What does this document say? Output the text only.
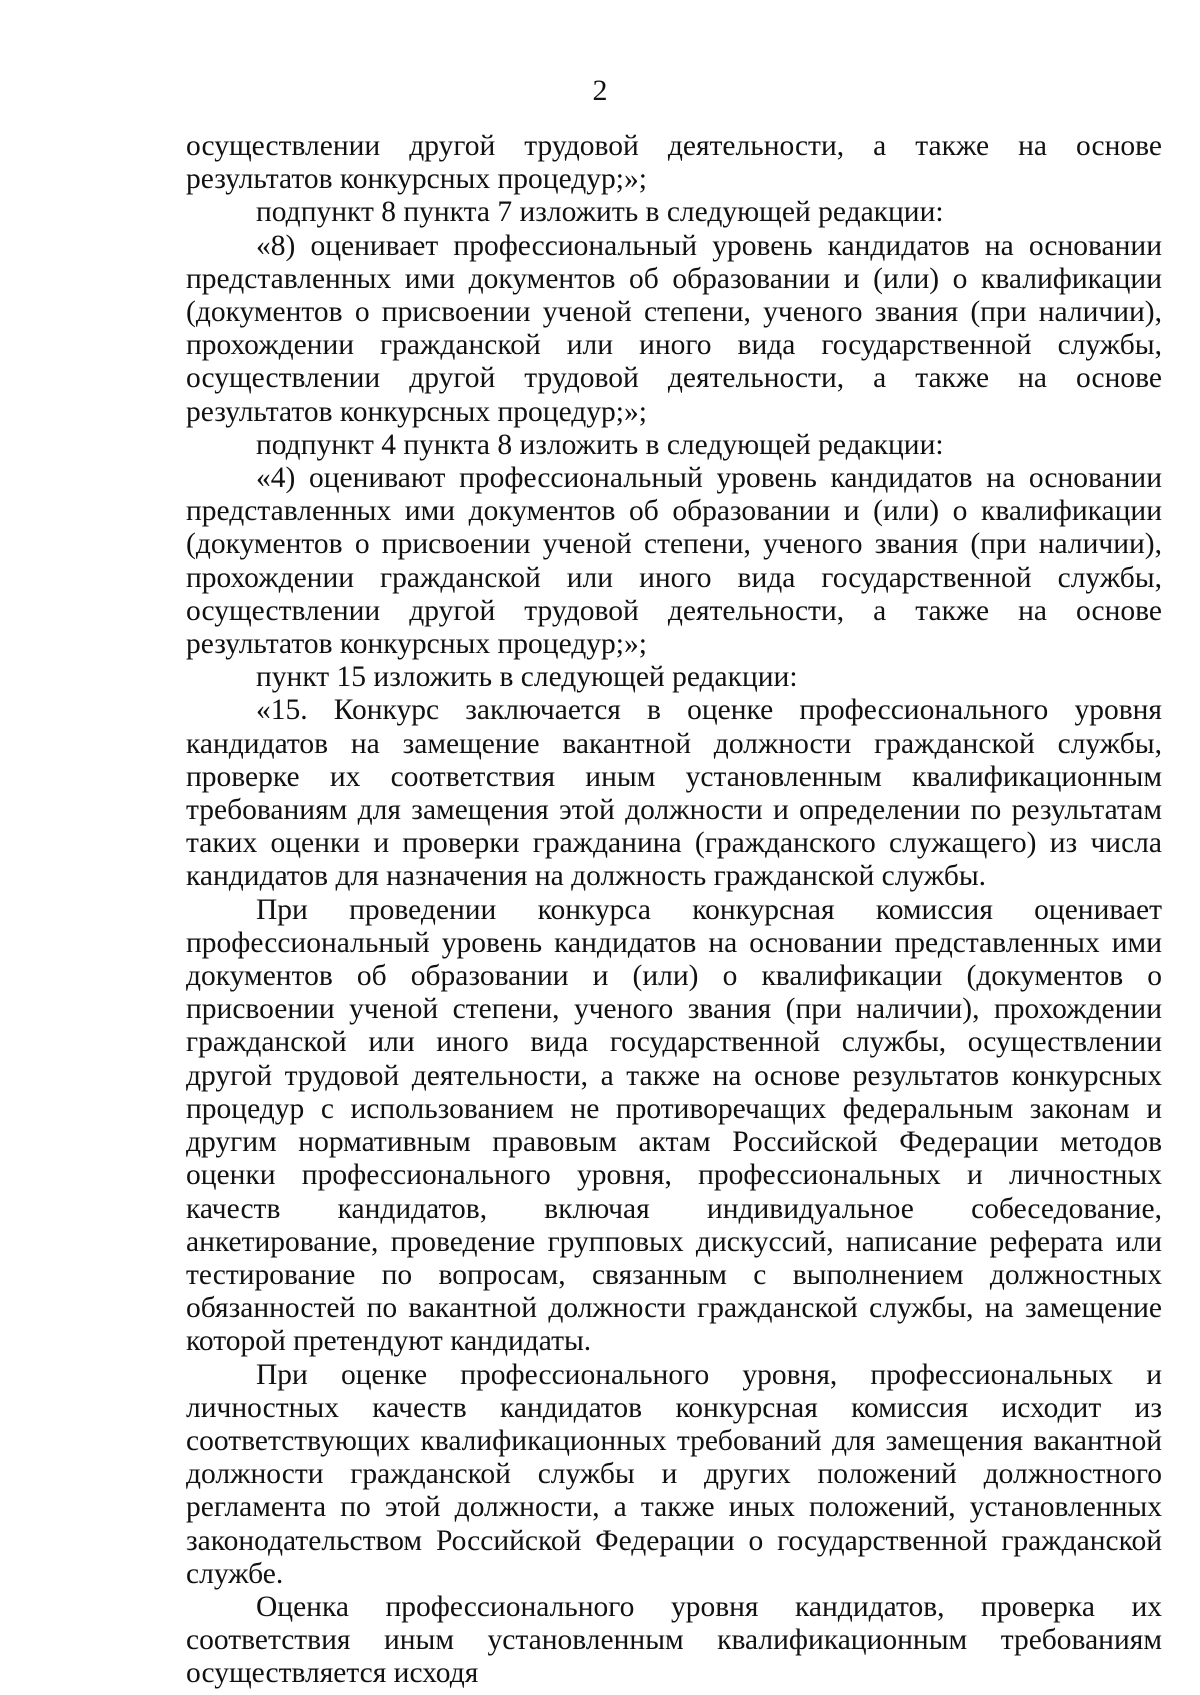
2

осуществлении другой трудовой деятельности, а также на основе результатов конкурсных процедур;»;

подпункт 8 пункта 7 изложить в следующей редакции:

«8) оценивает профессиональный уровень кандидатов на основании представленных ими документов об образовании и (или) о квалификации (документов о присвоении ученой степени, ученого звания (при наличии), прохождении гражданской или иного вида государственной службы, осуществлении другой трудовой деятельности, а также на основе результатов конкурсных процедур;»;

подпункт 4 пункта 8 изложить в следующей редакции:

«4) оценивают профессиональный уровень кандидатов на основании представленных ими документов об образовании и (или) о квалификации (документов о присвоении ученой степени, ученого звания (при наличии), прохождении гражданской или иного вида государственной службы, осуществлении другой трудовой деятельности, а также на основе результатов конкурсных процедур;»;

пункт 15 изложить в следующей редакции:

«15. Конкурс заключается в оценке профессионального уровня кандидатов на замещение вакантной должности гражданской службы, проверке их соответствия иным установленным квалификационным требованиям для замещения этой должности и определении по результатам таких оценки и проверки гражданина (гражданского служащего) из числа кандидатов для назначения на должность гражданской службы.

При проведении конкурса конкурсная комиссия оценивает профессиональный уровень кандидатов на основании представленных ими документов об образовании и (или) о квалификации (документов о присвоении ученой степени, ученого звания (при наличии), прохождении гражданской или иного вида государственной службы, осуществлении другой трудовой деятельности, а также на основе результатов конкурсных процедур с использованием не противоречащих федеральным законам и другим нормативным правовым актам Российской Федерации методов оценки профессионального уровня, профессиональных и личностных качеств кандидатов, включая индивидуальное собеседование, анкетирование, проведение групповых дискуссий, написание реферата или тестирование по вопросам, связанным с выполнением должностных обязанностей по вакантной должности гражданской службы, на замещение которой претендуют кандидаты.

При оценке профессионального уровня, профессиональных и личностных качеств кандидатов конкурсная комиссия исходит из соответствующих квалификационных требований для замещения вакантной должности гражданской службы и других положений должностного регламента по этой должности, а также иных положений, установленных законодательством Российской Федерации о государственной гражданской службе.

Оценка профессионального уровня кандидатов, проверка их соответствия иным установленным квалификационным требованиям осуществляется исходя
